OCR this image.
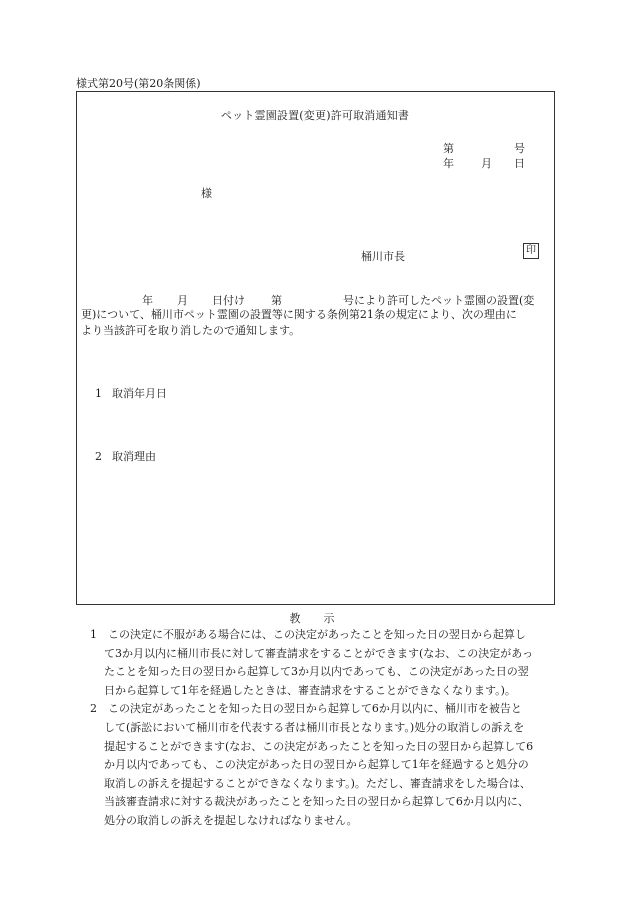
様式第20号(第20条関係)
ペット霊園設置(変更)許可取消通知書
第	号
年 月 日
様
桶川市長	印
年 月 日付け 第	号により許可したペット霊園の設置(変
更)について、桶川市ペット霊園の設置等に関する条例第21条の規定により、次の理由に
より当該許可を取り消したので通知します。
1 取消年月日
2 取消理由
教　示
1　この決定に不服がある場合には、この決定があったことを知った日の翌日から起算し
て3か月以内に桶川市長に対して審査請求をすることができます(なお、この決定があっ
たことを知った日の翌日から起算して3か月以内であっても、この決定があった日の翌
日から起算して1年を経過したときは、審査請求をすることができなくなります。)。
2　この決定があったことを知った日の翌日から起算して6か月以内に、桶川市を被告と
して(訴訟において桶川市を代表する者は桶川市長となります。)処分の取消しの訴えを
提起することができます(なお、この決定があったことを知った日の翌日から起算して6
か月以内であっても、この決定があった日の翌日から起算して1年を経過すると処分の
取消しの訴えを提起することができなくなります。)。ただし、審査請求をした場合は、
当該審査請求に対する裁決があったことを知った日の翌日から起算して6か月以内に、
処分の取消しの訴えを提起しなければなりません。
